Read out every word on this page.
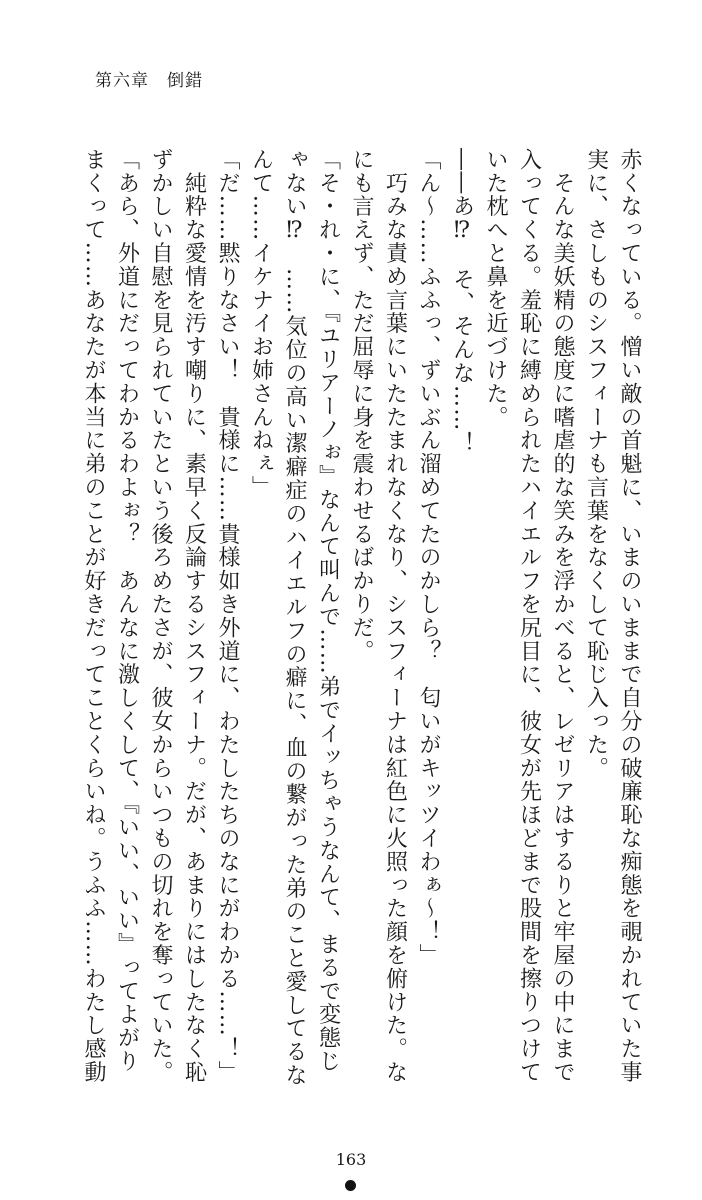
第六章　倒錯
赤くなっている。憎い敵の首魁に、いまのいままで自分の破廉恥な痴態を覗かれていた事
実に、さしものシスフィーナも言葉をなくして恥じ入った。
　そんな美妖精の態度に嗜虐的な笑みを浮かべると、レゼリアはするりと牢屋の中にまで
入ってくる。羞恥に縛められたハイエルフを尻目に、彼女が先ほどまで股間を擦りつけて
いた枕へと鼻を近づけた。
――あ⁉　そ、そんな……！
「ん～……ふふっ、ずいぶん溜めてたのかしら？　匂いがキッツイわぁ～！」
　巧みな責め言葉にいたたまれなくなり、シスフィーナは紅色に火照った顔を俯けた。な
にも言えず、ただ屈辱に身を震わせるばかりだ。
「そ・れ・に、『ユリアーノぉ』なんて叫んで……弟でイッちゃうなんて、まるで変態じ
ゃない⁉　……気位の高い潔癖症のハイエルフの癖に、血の繋がった弟のこと愛してるな
んて……イケナイお姉さんねぇ」
「だ……黙りなさい！　貴様に……貴様如き外道に、わたしたちのなにがわかる……！」
　純粋な愛情を汚す嘲りに、素早く反論するシスフィーナ。だが、あまりにはしたなく恥
ずかしい自慰を見られていたという後ろめたさが、彼女からいつもの切れを奪っていた。
「あら、外道にだってわかるわよぉ？　あんなに激しくして、『いい、いい』ってよがり
まくって……あなたが本当に弟のことが好きだってことくらいね。うふふ……わたし感動
163
